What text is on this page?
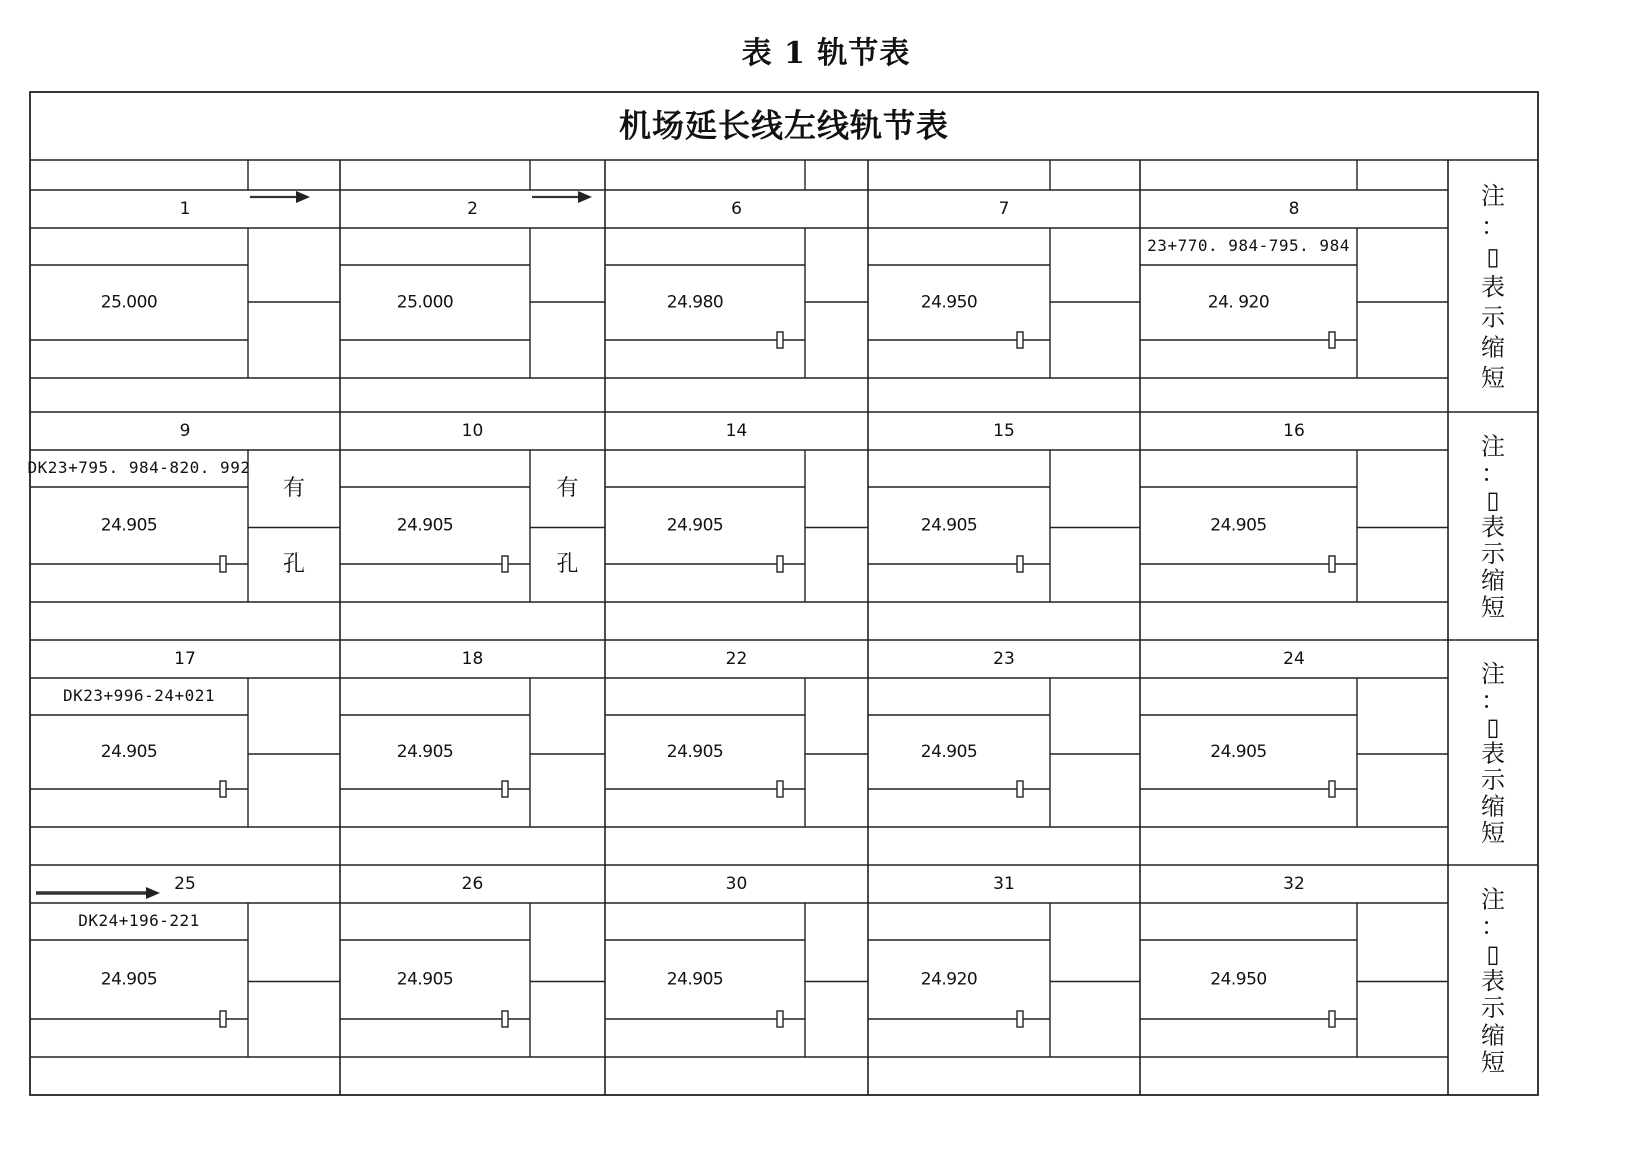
表 1 轨节表
机场延长线左线轨节表
注
：
▯
表
示
缩
短
1
25.000
2
25.000
6
24.980
7
24.950
8
23+770. 984-795. 984
24. 920
注
：
▯
表
示
缩
短
9
有
孔
DK23+795. 984-820. 992
24.905
10
有
孔
24.905
14
24.905
15
24.905
16
24.905
注
：
▯
表
示
缩
短
17
DK23+996-24+021
24.905
18
24.905
22
24.905
23
24.905
24
24.905
注
：
▯
表
示
缩
短
25
DK24+196-221
24.905
26
24.905
30
24.905
31
24.920
32
24.950
